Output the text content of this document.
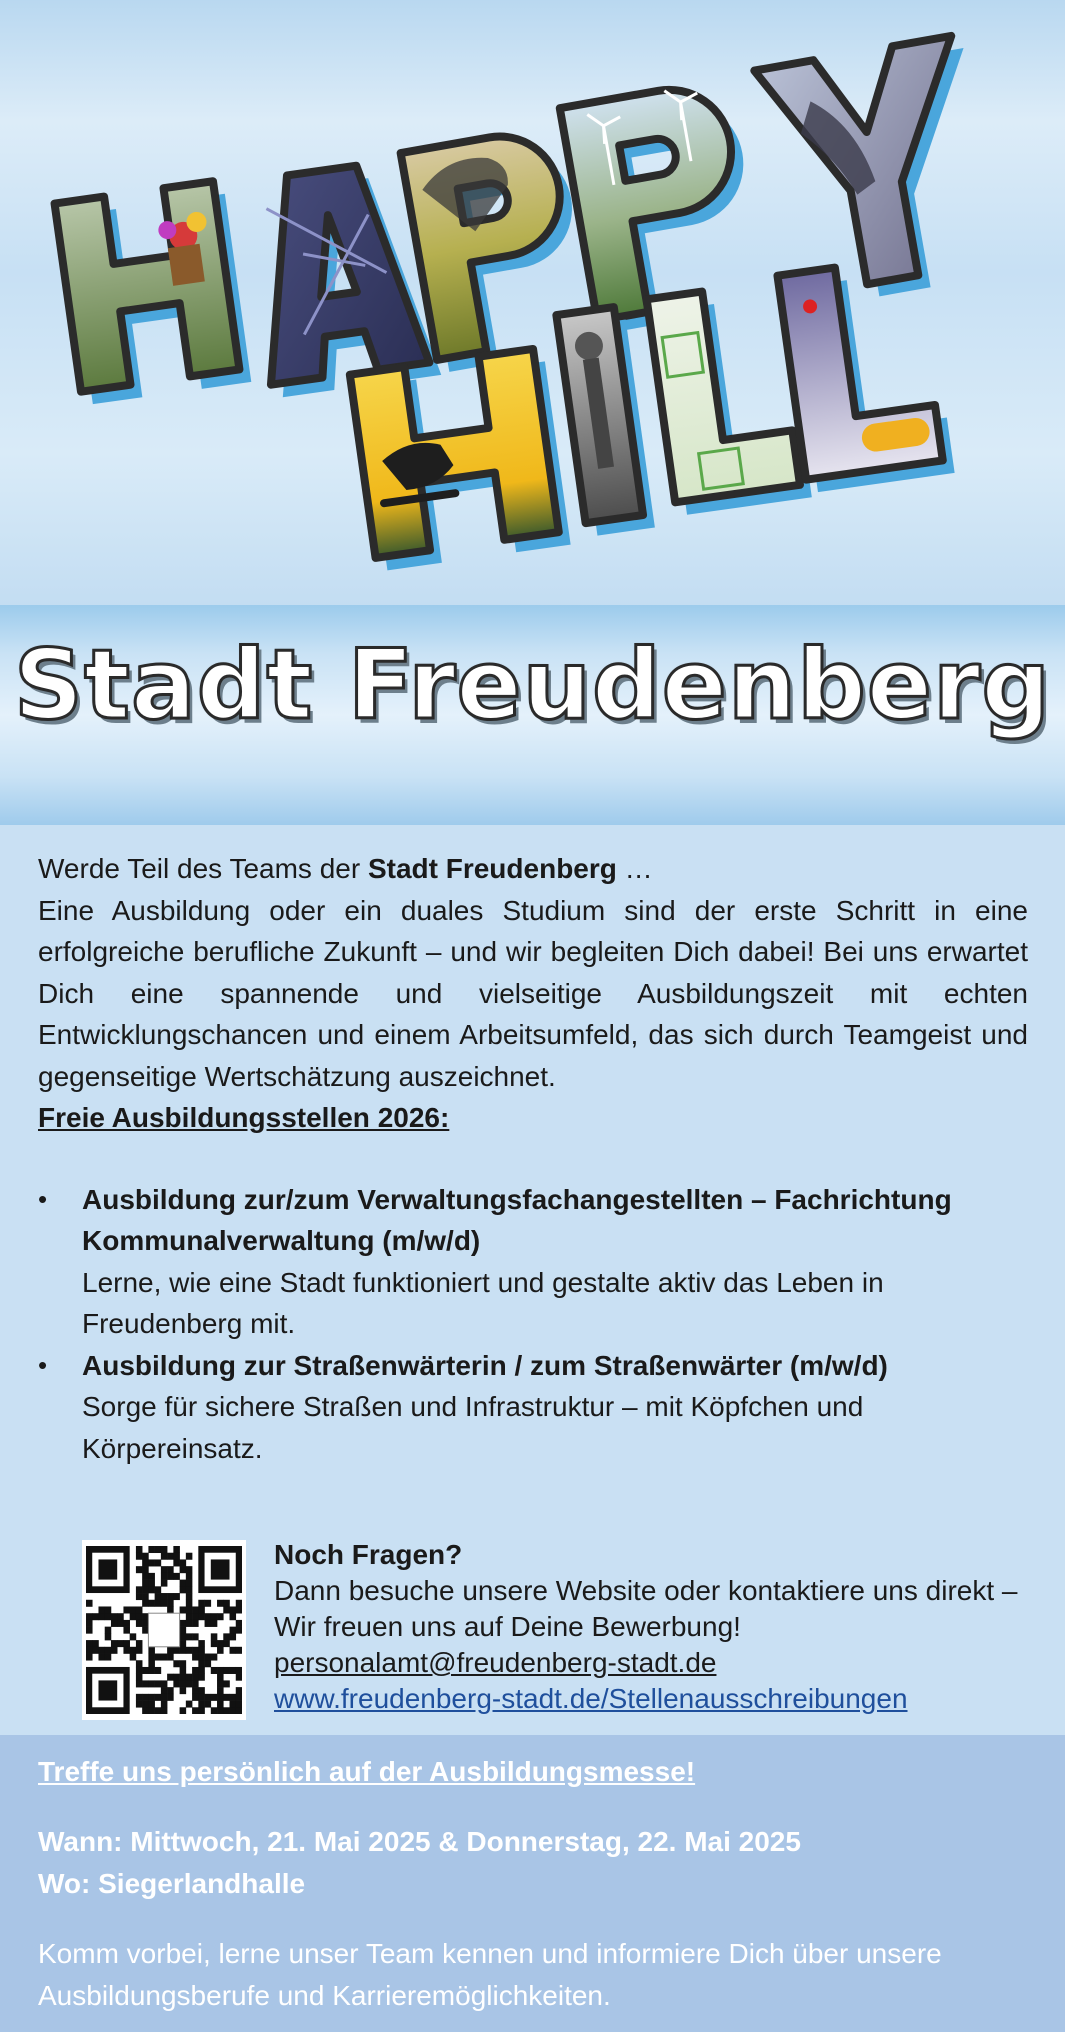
Stadt Freudenberg

Werde Teil des Teams der Stadt Freudenberg …

Eine Ausbildung oder ein duales Studium sind der erste Schritt in eine erfolgreiche berufliche Zukunft – und wir begleiten Dich dabei! Bei uns erwartet Dich eine spannende und vielseitige Ausbildungszeit mit echten Entwicklungschancen und einem Arbeitsumfeld, das sich durch Teamgeist und gegenseitige Wertschätzung auszeichnet.

Freie Ausbildungsstellen 2026:

• Ausbildung zur/zum Verwaltungsfachangestellten – Fachrichtung Kommunalverwaltung (m/w/d)
Lerne, wie eine Stadt funktioniert und gestalte aktiv das Leben in Freudenberg mit.
• Ausbildung zur Straßenwärterin / zum Straßenwärter (m/w/d)
Sorge für sichere Straßen und Infrastruktur – mit Köpfchen und Körpereinsatz.
Noch Fragen?
Dann besuche unsere Website oder kontaktiere uns direkt – Wir freuen uns auf Deine Bewerbung!
personalamt@freudenberg-stadt.de
www.freudenberg-stadt.de/Stellenausschreibungen

Treffe uns persönlich auf der Ausbildungsmesse!

Wann: Mittwoch, 21. Mai 2025 & Donnerstag, 22. Mai 2025

Wo: Siegerlandhalle

Komm vorbei, lerne unser Team kennen und informiere Dich über unsere Ausbildungsberufe und Karrieremöglichkeiten.
